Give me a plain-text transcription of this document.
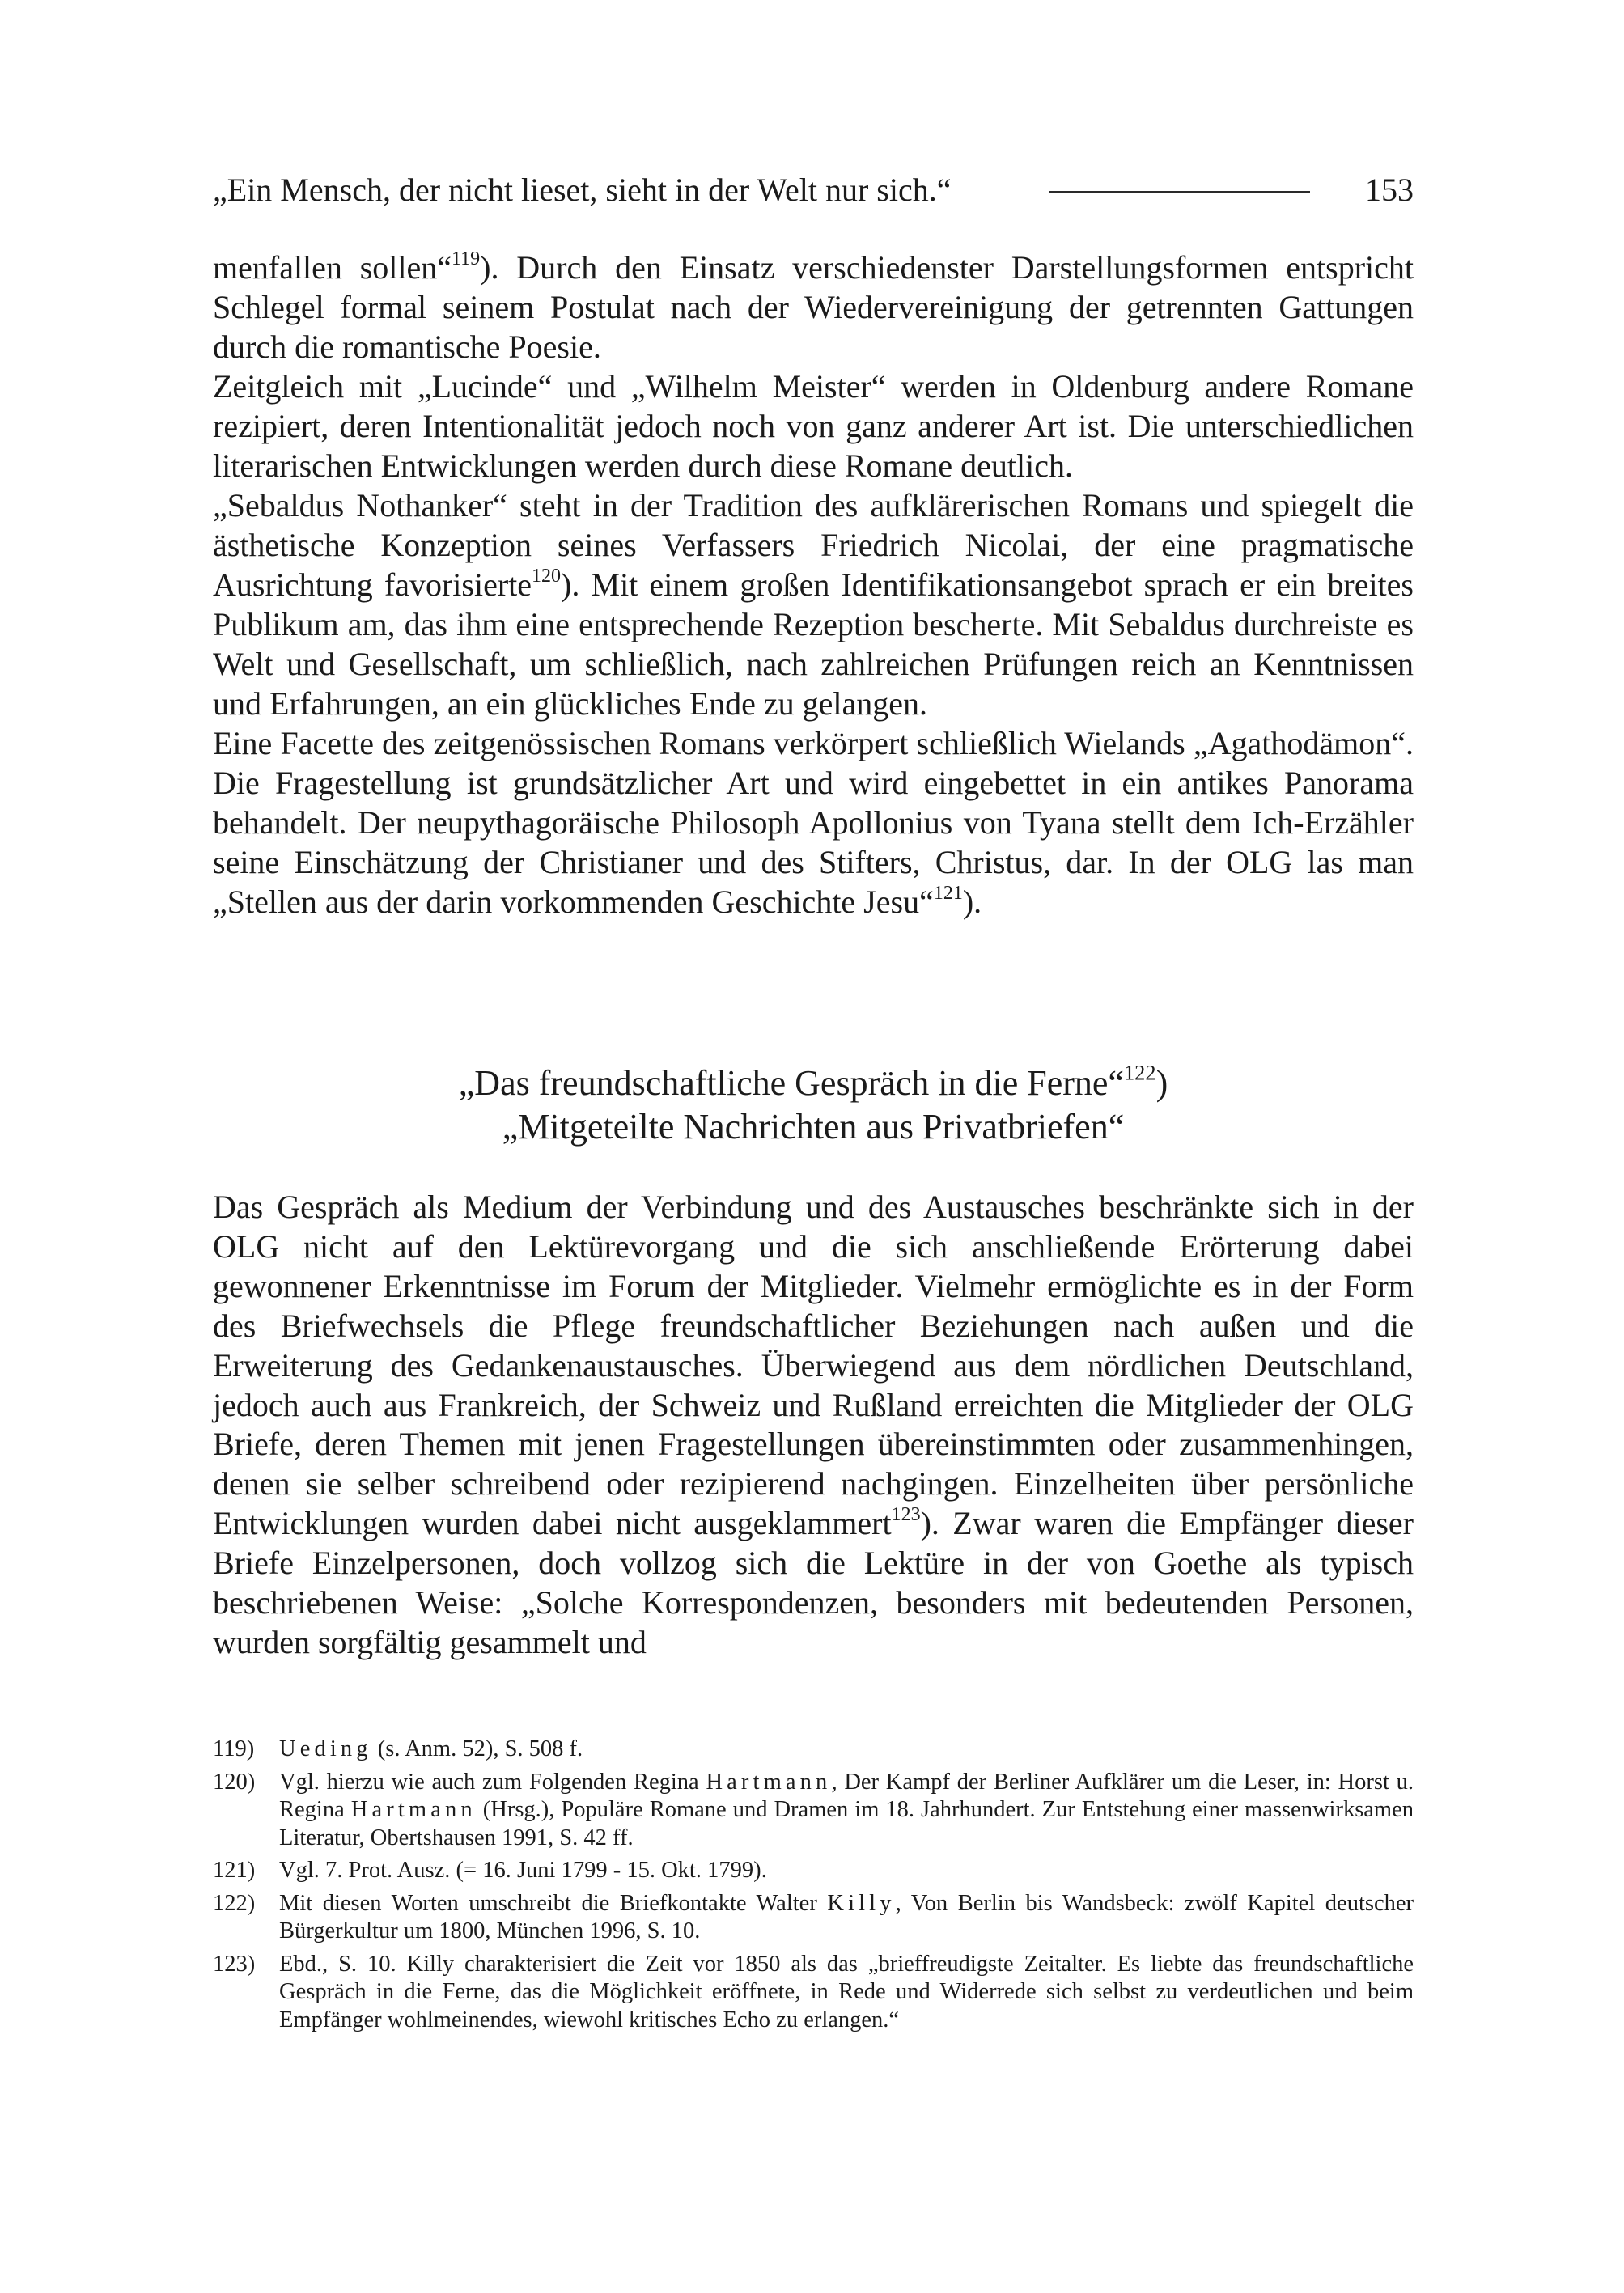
„Ein Mensch, der nicht lieset, sieht in der Welt nur sich.“	153

menfallen sollen“$^{119}$). Durch den Einsatz verschiedenster Darstellungsformen entspricht Schlegel formal seinem Postulat nach der Wiedervereinigung der getrennten Gattungen durch die romantische Poesie.

Zeitgleich mit „Lucinde“ und „Wilhelm Meister“ werden in Oldenburg andere Romane rezipiert, deren Intentionalität jedoch noch von ganz anderer Art ist. Die unterschiedlichen literarischen Entwicklungen werden durch diese Romane deutlich.

„Sebaldus Nothanker“ steht in der Tradition des aufklärerischen Romans und spiegelt die ästhetische Konzeption seines Verfassers Friedrich Nicolai, der eine pragmatische Ausrichtung favorisierte$^{120}$). Mit einem großen Identifikationsangebot sprach er ein breites Publikum am, das ihm eine entsprechende Rezeption bescherte. Mit Sebaldus durchreiste es Welt und Gesellschaft, um schließlich, nach zahlreichen Prüfungen reich an Kenntnissen und Erfahrungen, an ein glückliches Ende zu gelangen.

Eine Facette des zeitgenössischen Romans verkörpert schließlich Wielands „Agathodämon“. Die Fragestellung ist grundsätzlicher Art und wird eingebettet in ein antikes Panorama behandelt. Der neupythagoräische Philosoph Apollonius von Tyana stellt dem Ich-Erzähler seine Einschätzung der Christianer und des Stifters, Christus, dar. In der OLG las man „Stellen aus der darin vorkommenden Geschichte Jesu“$^{121}$).

„Das freundschaftliche Gespräch in die Ferne“$^{122}$)
„Mitgeteilte Nachrichten aus Privatbriefen“

Das Gespräch als Medium der Verbindung und des Austausches beschränkte sich in der OLG nicht auf den Lektürevorgang und die sich anschließende Erörterung dabei gewonnener Erkenntnisse im Forum der Mitglieder. Vielmehr ermöglichte es in der Form des Briefwechsels die Pflege freundschaftlicher Beziehungen nach außen und die Erweiterung des Gedankenaustausches. Überwiegend aus dem nördlichen Deutschland, jedoch auch aus Frankreich, der Schweiz und Rußland erreichten die Mitglieder der OLG Briefe, deren Themen mit jenen Fragestellungen übereinstimmten oder zusammenhingen, denen sie selber schreibend oder rezipierend nachgingen. Einzelheiten über persönliche Entwicklungen wurden dabei nicht ausgeklammert$^{123}$). Zwar waren die Empfänger dieser Briefe Einzelpersonen, doch vollzog sich die Lektüre in der von Goethe als typisch beschriebenen Weise: „Solche Korrespondenzen, besonders mit bedeutenden Personen, wurden sorgfältig gesammelt und

119) Ueding (s. Anm. 52), S. 508 f.
120) Vgl. hierzu wie auch zum Folgenden Regina Hartmann, Der Kampf der Berliner Aufklärer um die Leser, in: Horst u. Regina Hartmann (Hrsg.), Populäre Romane und Dramen im 18. Jahrhundert. Zur Entstehung einer massenwirksamen Literatur, Obertshausen 1991, S. 42 ff.
121) Vgl. 7. Prot. Ausz. (= 16. Juni 1799 - 15. Okt. 1799).
122) Mit diesen Worten umschreibt die Briefkontakte Walter Killy, Von Berlin bis Wandsbeck: zwölf Kapitel deutscher Bürgerkultur um 1800, München 1996, S. 10.
123) Ebd., S. 10. Killy charakterisiert die Zeit vor 1850 als das „brieffreudigste Zeitalter. Es liebte das freundschaftliche Gespräch in die Ferne, das die Möglichkeit eröffnete, in Rede und Widerrede sich selbst zu verdeutlichen und beim Empfänger wohlmeinendes, wiewohl kritisches Echo zu erlangen.“
